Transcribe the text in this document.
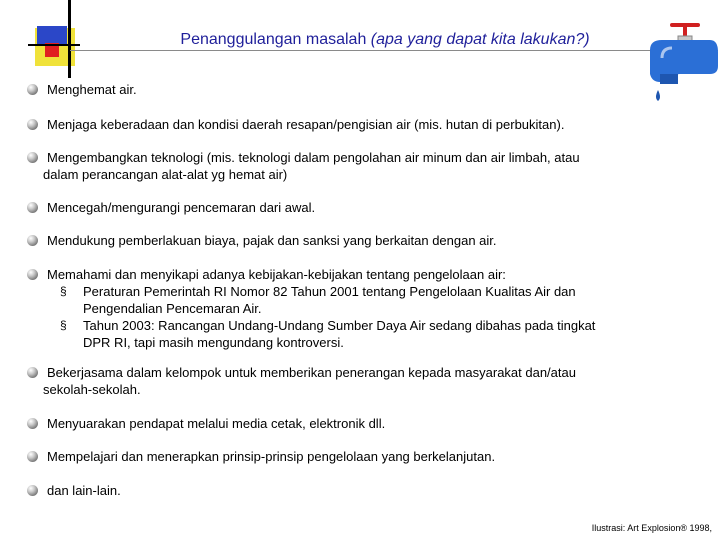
Penanggulangan masalah (apa yang dapat kita lakukan?)
Menghemat air.
Menjaga keberadaan dan kondisi daerah resapan/pengisian air (mis. hutan di perbukitan).
Mengembangkan teknologi (mis. teknologi dalam pengolahan air minum dan air limbah, atau
dalam perancangan alat-alat yg hemat air)
Mencegah/mengurangi pencemaran dari awal.
Mendukung pemberlakuan biaya, pajak dan sanksi yang berkaitan dengan air.
Memahami dan menyikapi adanya kebijakan-kebijakan tentang pengelolaan air:
§ Peraturan Pemerintah RI Nomor 82 Tahun 2001 tentang Pengelolaan Kualitas Air dan
Pengendalian Pencemaran Air.
§ Tahun 2003: Rancangan Undang-Undang Sumber Daya Air sedang dibahas pada tingkat
DPR RI, tapi masih mengundang kontroversi.
Bekerjasama dalam kelompok untuk memberikan penerangan kepada masyarakat dan/atau
sekolah-sekolah.
Menyuarakan pendapat melalui media cetak, elektronik dll.
Mempelajari dan menerapkan prinsip-prinsip pengelolaan yang berkelanjutan.
dan lain-lain.
Ilustrasi: Art Explosion® 1998,
